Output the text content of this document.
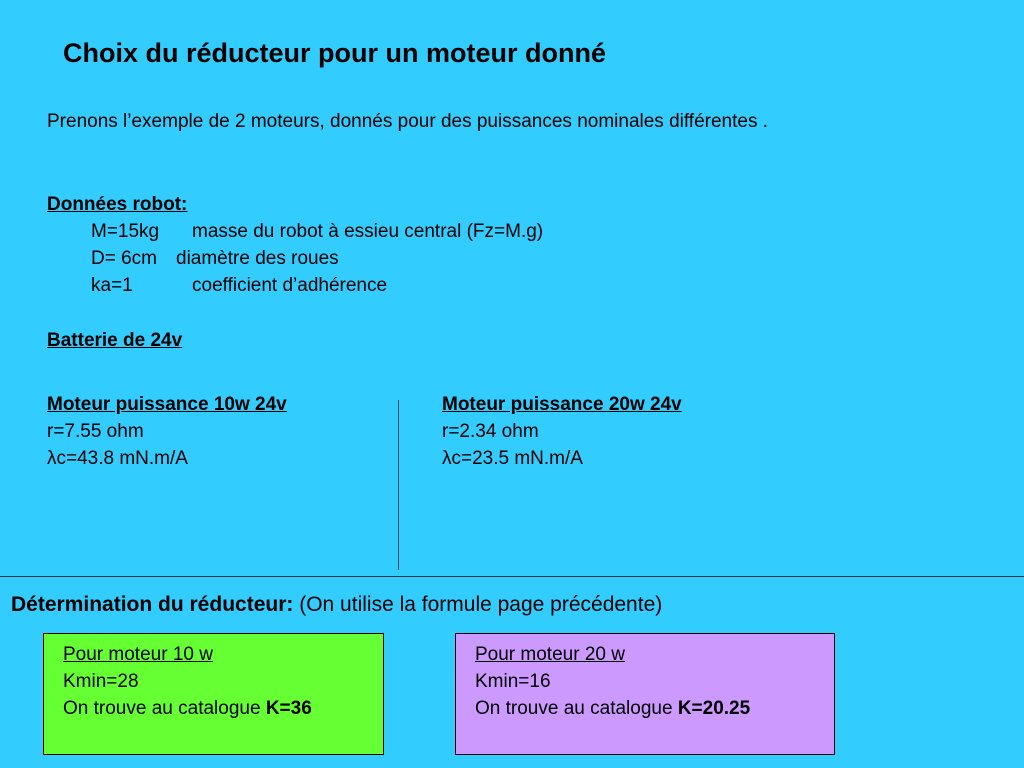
Choix du réducteur pour un moteur donné
Prenons l’exemple de 2 moteurs, donnés pour des puissances nominales différentes .
Données robot:
M=15kg masse du robot à essieu central (Fz=M.g)
D= 6cm diamètre des roues
ka=1	coefficient d’adhérence
Batterie de 24v
Moteur puissance 10w 24v
r=7.55 ohm
λc=43.8 mN.m/A
Moteur puissance 20w 24v
r=2.34 ohm
λc=23.5 mN.m/A
Détermination du réducteur: (On utilise la formule page précédente)
Pour moteur 10 w
Kmin=28
On trouve au catalogue K=36
Pour moteur 20 w
Kmin=16
On trouve au catalogue K=20.25
